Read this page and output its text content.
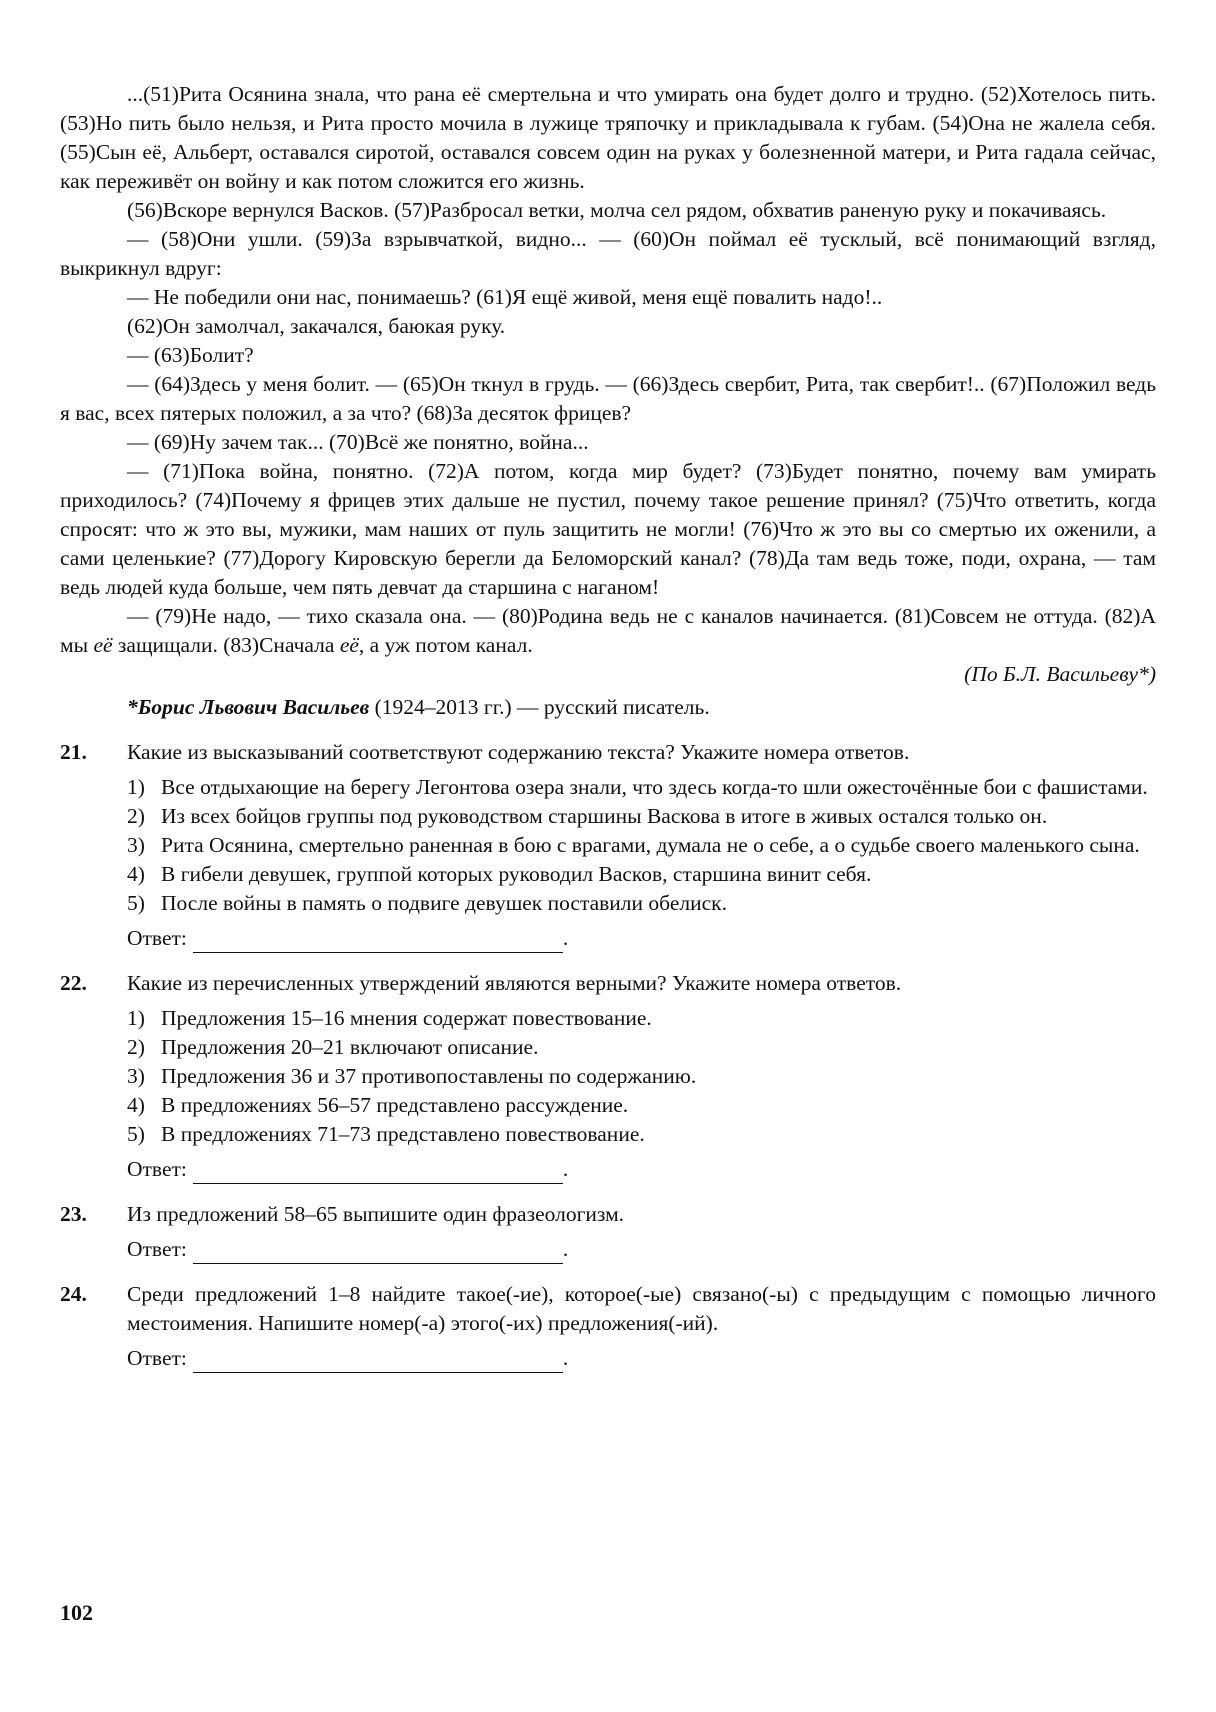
...(51)Рита Осянина знала, что рана её смертельна и что умирать она будет долго и трудно. (52)Хотелось пить. (53)Но пить было нельзя, и Рита просто мочила в лужице тряпочку и прикладывала к губам. (54)Она не жалела себя. (55)Сын её, Альберт, оставался сиротой, оставался совсем один на руках у болезненной матери, и Рита гадала сейчас, как переживёт он войну и как потом сложится его жизнь.

(56)Вскоре вернулся Васков. (57)Разбросал ветки, молча сел рядом, обхватив раненую руку и покачиваясь.

— (58)Они ушли. (59)За взрывчаткой, видно... — (60)Он поймал её тусклый, всё понимающий взгляд, выкрикнул вдруг:

— Не победили они нас, понимаешь? (61)Я ещё живой, меня ещё повалить надо!..

(62)Он замолчал, закачался, баюкая руку.

— (63)Болит?

— (64)Здесь у меня болит. — (65)Он ткнул в грудь. — (66)Здесь свербит, Рита, так свербит!.. (67)Положил ведь я вас, всех пятерых положил, а за что? (68)За десяток фрицев?

— (69)Ну зачем так... (70)Всё же понятно, война...

— (71)Пока война, понятно. (72)А потом, когда мир будет? (73)Будет понятно, почему вам умирать приходилось? (74)Почему я фрицев этих дальше не пустил, почему такое решение принял? (75)Что ответить, когда спросят: что ж это вы, мужики, мам наших от пуль защитить не могли! (76)Что ж это вы со смертью их оженили, а сами целенькие? (77)Дорогу Кировскую берегли да Беломорский канал? (78)Да там ведь тоже, поди, охрана, — там ведь людей куда больше, чем пять девчат да старшина с наганом!

— (79)Не надо, — тихо сказала она. — (80)Родина ведь не с каналов начинается. (81)Совсем не оттуда. (82)А мы её защищали. (83)Сначала её, а уж потом канал.

(По Б.Л. Васильеву*)

*Борис Львович Васильев (1924–2013 гг.) — русский писатель.

21.	Какие из высказываний соответствуют содержанию текста? Укажите номера ответов.

1) Все отдыхающие на берегу Легонтова озера знали, что здесь когда-то шли ожесточённые бои с фашистами.
2) Из всех бойцов группы под руководством старшины Васкова в итоге в живых остался только он.
3) Рита Осянина, смертельно раненная в бою с врагами, думала не о себе, а о судьбе своего маленького сына.
4) В гибели девушек, группой которых руководил Васков, старшина винит себя.
5) После войны в память о подвиге девушек поставили обелиск.
Ответ:	.
22.	Какие из перечисленных утверждений являются верными? Укажите номера ответов.

1) Предложения 15–16 мнения содержат повествование.
2) Предложения 20–21 включают описание.
3) Предложения 36 и 37 противопоставлены по содержанию.
4) В предложениях 56–57 представлено рассуждение.
5) В предложениях 71–73 представлено повествование.
Ответ:	.
23.	Из предложений 58–65 выпишите один фразеологизм.

Ответ:	.
24.	Среди предложений 1–8 найдите такое(-ие), которое(-ые) связано(-ы) с предыдущим с помощью личного местоимения. Напишите номер(-а) этого(-их) предложения(-ий).

Ответ:	.
102
